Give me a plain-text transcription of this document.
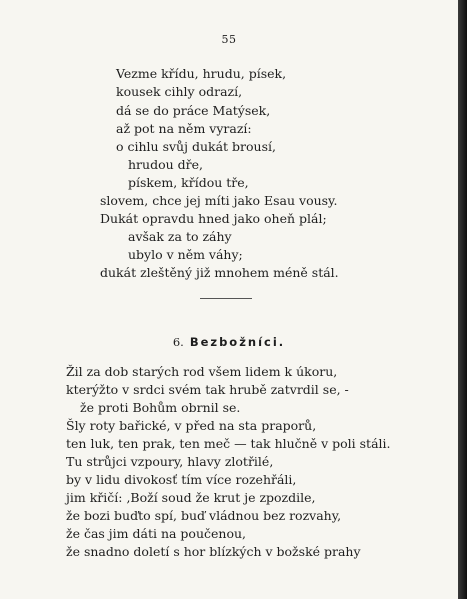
55
Vezme křídu, hrudu, písek,
kousek cihly odrazí,
dá se do práce Matýsek,
až pot na něm vyrazí:
o cihlu svůj dukát brousí,
hrudou dře,
pískem, křídou tře,
slovem, chce jej míti jako Esau vousy.
Dukát opravdu hned jako oheň plál;
avšak za to záhy
ubylo v něm váhy;
dukát zleštěný již mnohem méně stál.
6. Bezbožníci.
Žil za dob starých rod všem lidem k úkoru,
kterýžto v srdci svém tak hrubě zatvrdil se, -
že proti Bohům obrnil se.
Šly roty bařické, v před na sta praporů,
ten luk, ten prak, ten meč — tak hlučně v poli stáli.
Tu strůjci vzpoury, hlavy zlotřilé,
by v lidu divokosť tím více rozehřáli,
jim křičí: ‚Boží soud že krut je zpozdile,
že bozi buďto spí, buď vládnou bez rozvahy,
že čas jim dáti na poučenou,
že snadno doletí s hor blízkých v božské prahy
